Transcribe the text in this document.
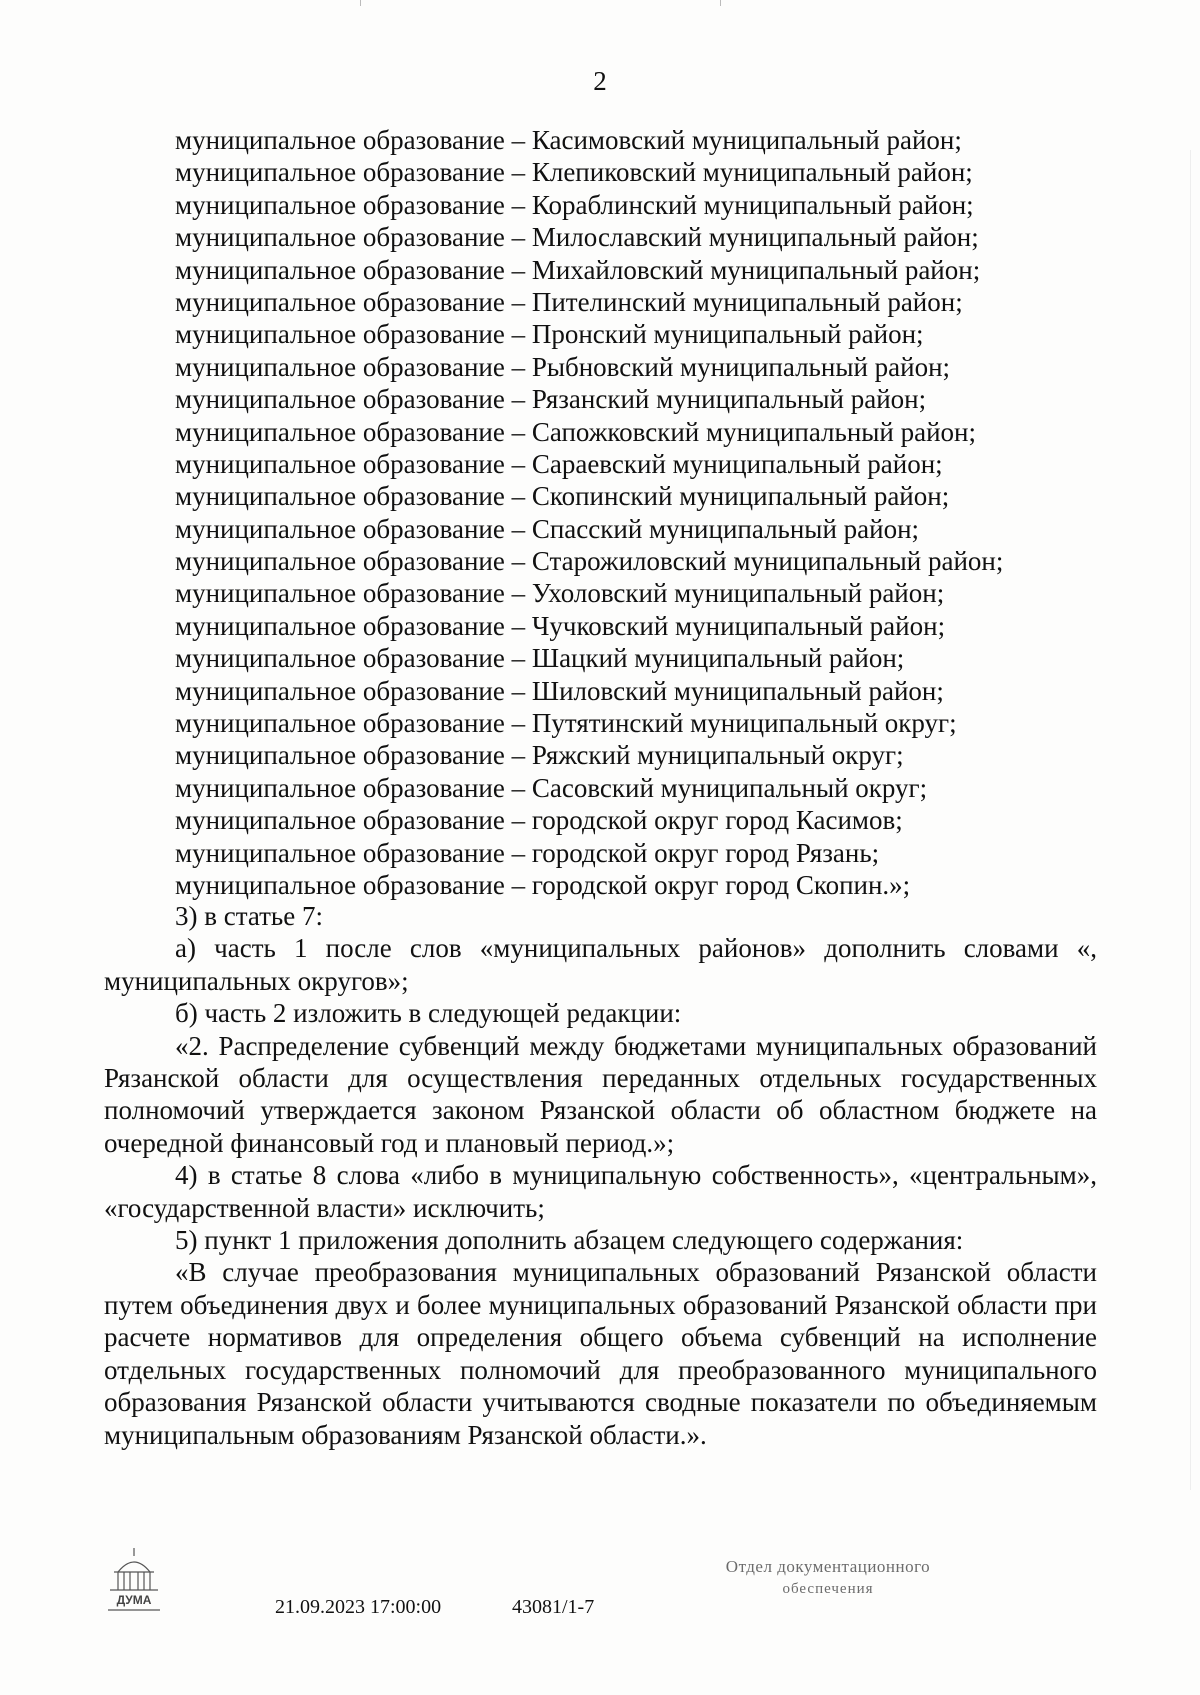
2
муниципальное образование – Касимовский муниципальный район;
муниципальное образование – Клепиковский муниципальный район;
муниципальное образование – Кораблинский муниципальный район;
муниципальное образование – Милославский муниципальный район;
муниципальное образование – Михайловский муниципальный район;
муниципальное образование – Пителинский муниципальный район;
муниципальное образование – Пронский муниципальный район;
муниципальное образование – Рыбновский муниципальный район;
муниципальное образование – Рязанский муниципальный район;
муниципальное образование – Сапожковский муниципальный район;
муниципальное образование – Сараевский муниципальный район;
муниципальное образование – Скопинский муниципальный район;
муниципальное образование – Спасский муниципальный район;
муниципальное образование – Старожиловский муниципальный район;
муниципальное образование – Ухоловский муниципальный район;
муниципальное образование – Чучковский муниципальный район;
муниципальное образование – Шацкий муниципальный район;
муниципальное образование – Шиловский муниципальный район;
муниципальное образование – Путятинский муниципальный округ;
муниципальное образование – Ряжский муниципальный округ;
муниципальное образование – Сасовский муниципальный округ;
муниципальное образование – городской округ город Касимов;
муниципальное образование – городской округ город Рязань;
муниципальное образование – городской округ город Скопин.»;
3) в статье 7:
а) часть 1 после слов «муниципальных районов» дополнить словами «, муниципальных округов»;
б) часть 2 изложить в следующей редакции:
«2. Распределение субвенций между бюджетами муниципальных образований Рязанской области для осуществления переданных отдельных государственных полномочий утверждается законом Рязанской области об областном бюджете на очередной финансовый год и плановый период.»;
4) в статье 8 слова «либо в муниципальную собственность», «центральным», «государственной власти» исключить;
5) пункт 1 приложения дополнить абзацем следующего содержания:
«В случае преобразования муниципальных образований Рязанской области путем объединения двух и более муниципальных образований Рязанской области при расчете нормативов для определения общего объема субвенций на исполнение отдельных государственных полномочий для преобразованного муниципального образования Рязанской области учитываются сводные показатели по объединяемым муниципальным образованиям Рязанской области.».
ДУМА	21.09.2023 17:00:00	43081/1-7
Отдел документационного
обеспечения
